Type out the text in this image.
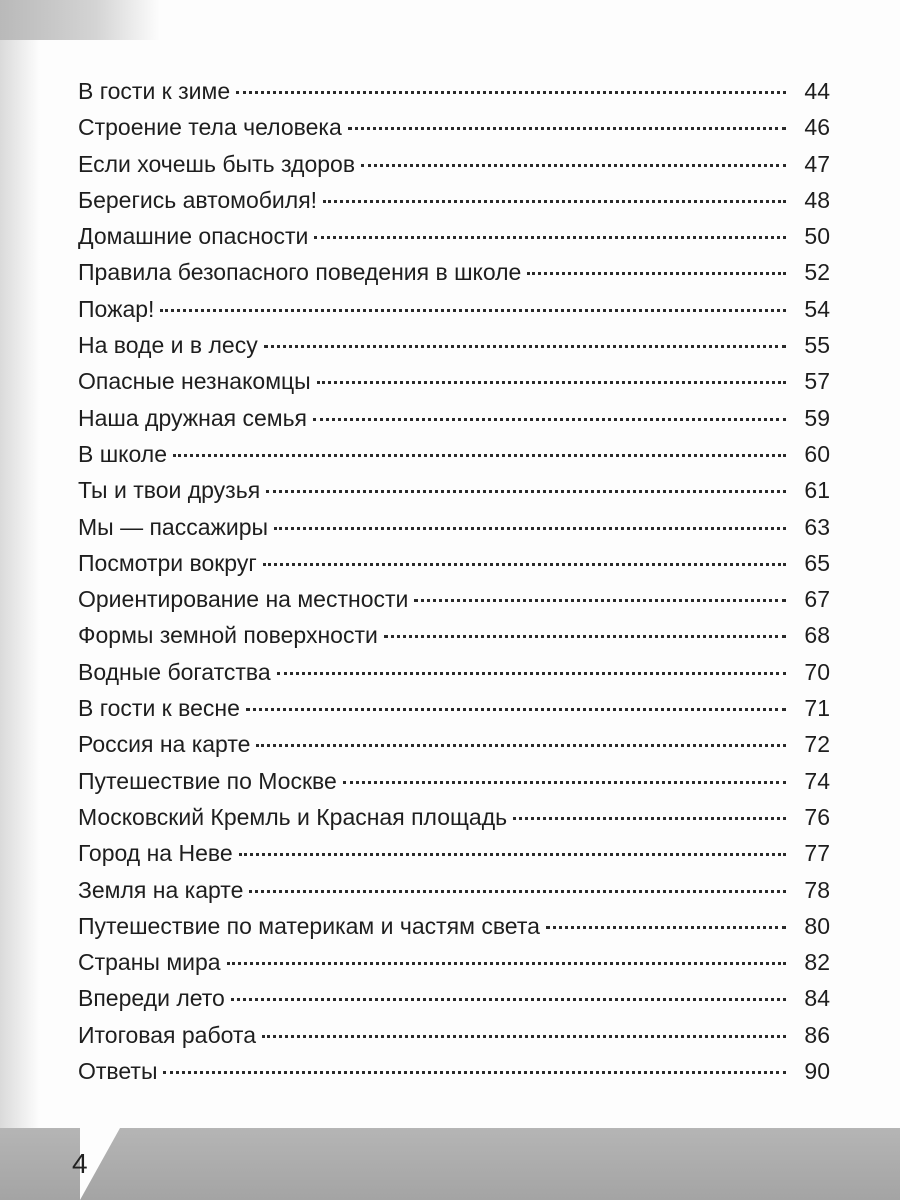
В гости к зиме	44
Строение тела человека	46
Если хочешь быть здоров	47
Берегись автомобиля!	48
Домашние опасности	50
Правила безопасного поведения в школе	52
Пожар!	54
На воде и в лесу	55
Опасные незнакомцы	57
Наша дружная семья	59
В школе	60
Ты и твои друзья	61
Мы — пассажиры	63
Посмотри вокруг	65
Ориентирование на местности	67
Формы земной поверхности	68
Водные богатства	70
В гости к весне	71
Россия на карте	72
Путешествие по Москве	74
Московский Кремль и Красная площадь	76
Город на Неве	77
Земля на карте	78
Путешествие по материкам и частям света	80
Страны мира	82
Впереди лето	84
Итоговая работа	86
Ответы	90
4
